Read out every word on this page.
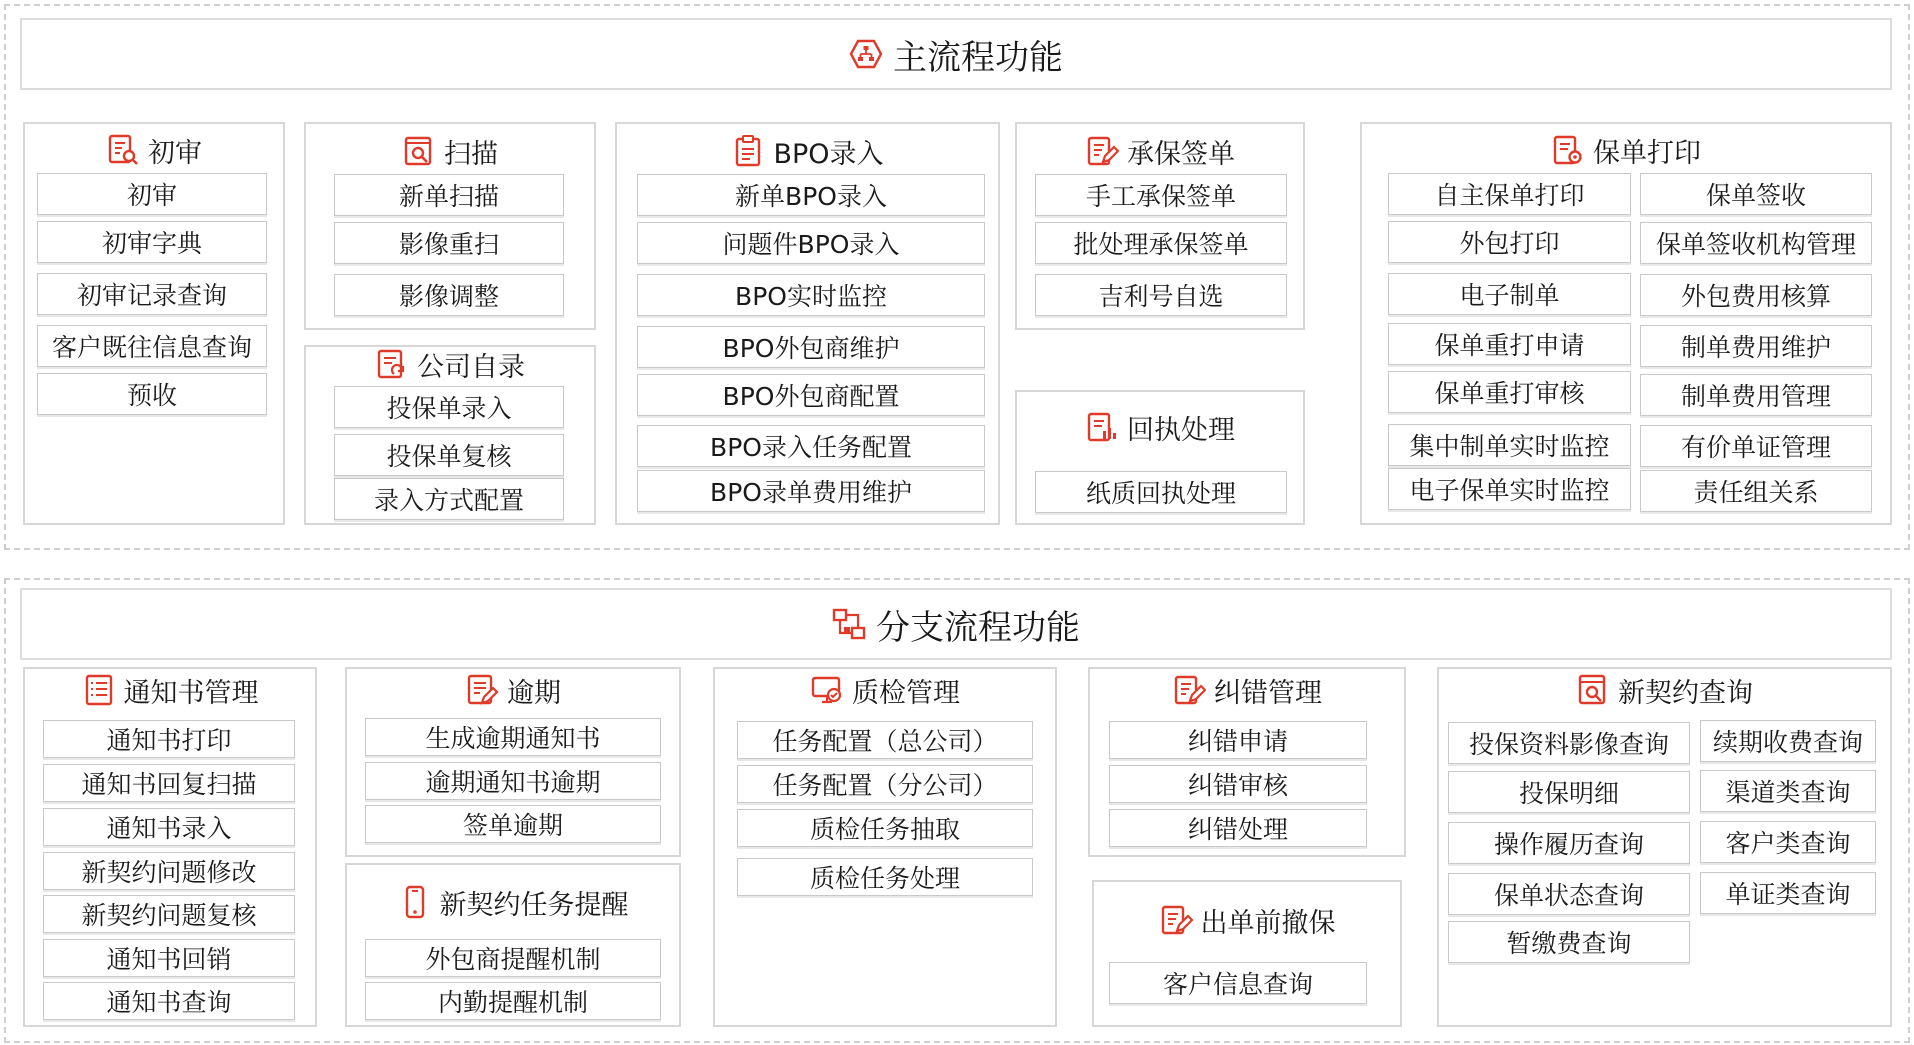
主流程功能
初审
初审
初审字典
初审记录查询
客户既往信息查询
预收
扫描
新单扫描
影像重扫
影像调整
公司自录
投保单录入
投保单复核
录入方式配置
BPO录入
新单BPO录入
问题件BPO录入
BPO实时监控
BPO外包商维护
BPO外包商配置
BPO录入任务配置
BPO录单费用维护
承保签单
手工承保签单
批处理承保签单
吉利号自选
回执处理
纸质回执处理
保单打印
自主保单打印
外包打印
电子制单
保单重打申请
保单重打审核
集中制单实时监控
电子保单实时监控
保单签收
保单签收机构管理
外包费用核算
制单费用维护
制单费用管理
有价单证管理
责任组关系
分支流程功能
通知书管理
通知书打印
通知书回复扫描
通知书录入
新契约问题修改
新契约问题复核
通知书回销
通知书查询
逾期
生成逾期通知书
逾期通知书逾期
签单逾期
新契约任务提醒
外包商提醒机制
内勤提醒机制
质检管理
任务配置（总公司）
任务配置（分公司）
质检任务抽取
质检任务处理
纠错管理
纠错申请
纠错审核
纠错处理
出单前撤保
客户信息查询
新契约查询
投保资料影像查询
投保明细
操作履历查询
保单状态查询
暂缴费查询
续期收费查询
渠道类查询
客户类查询
单证类查询
